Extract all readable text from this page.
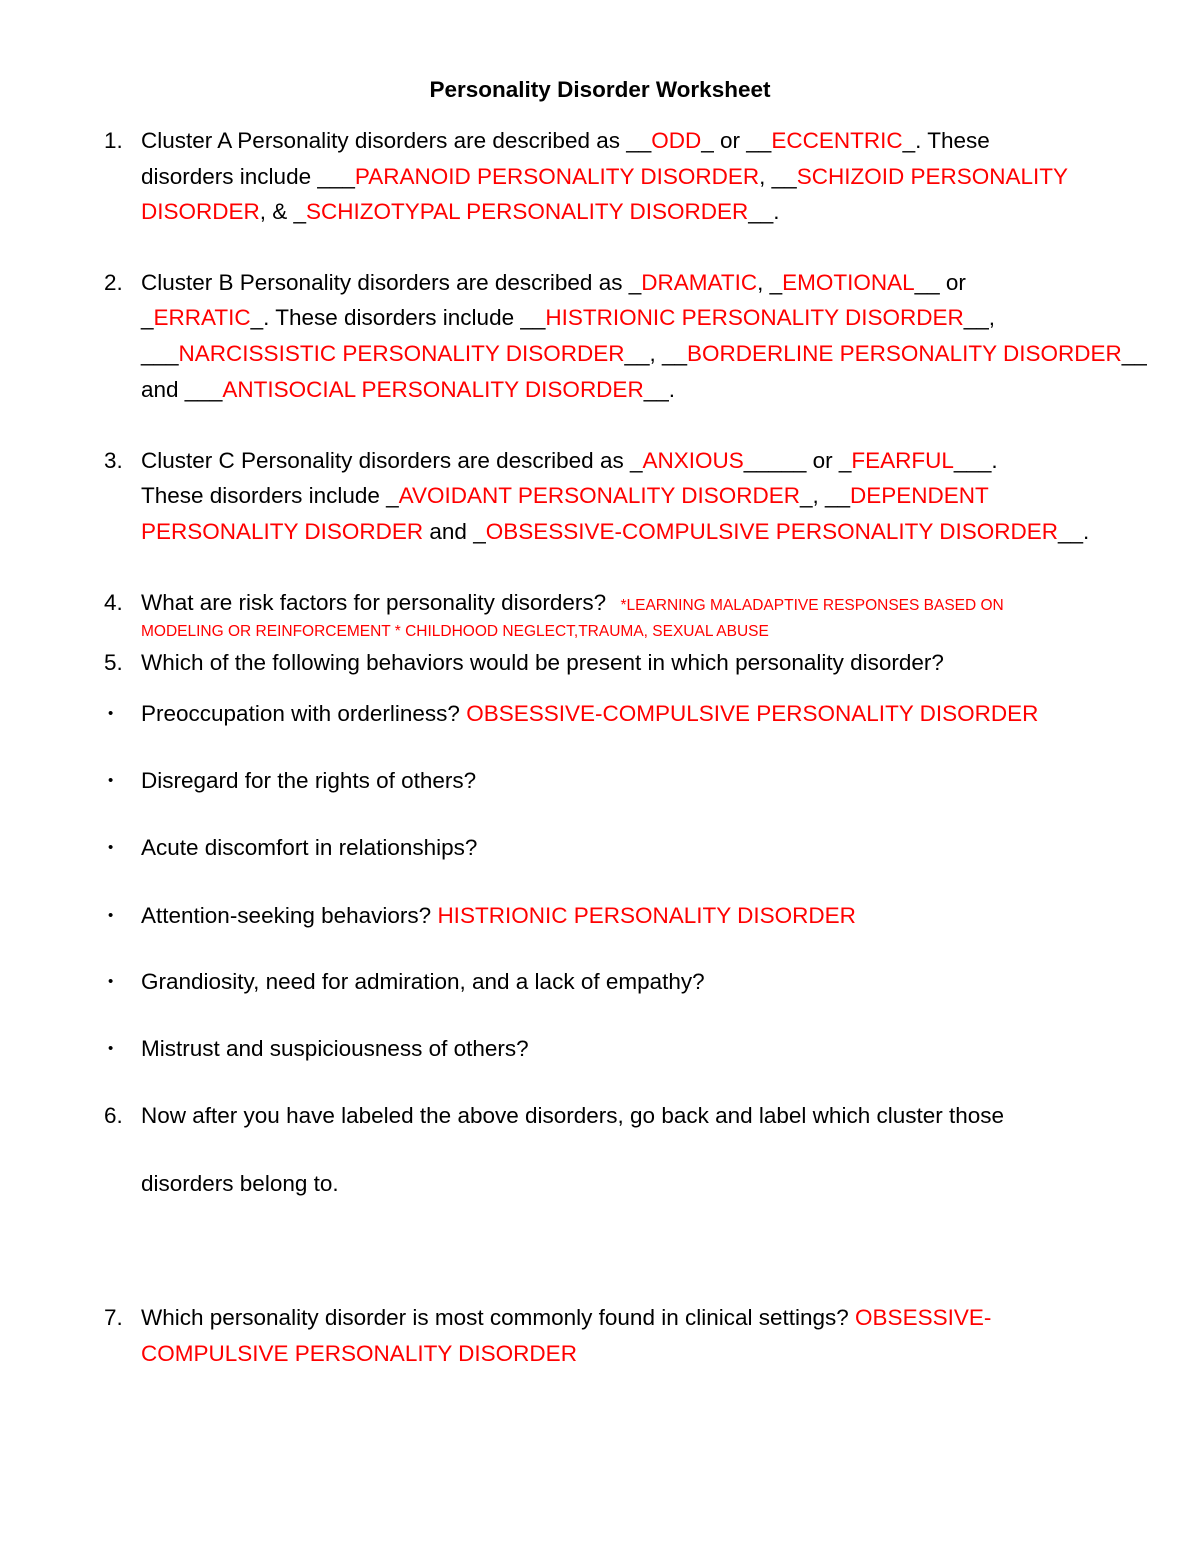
Personality Disorder Worksheet
1. Cluster A Personality disorders are described as __ODD_ or __ECCENTRIC_. These
disorders include ___PARANOID PERSONALITY DISORDER, __SCHIZOID PERSONALITY
DISORDER, & _SCHIZOTYPAL PERSONALITY DISORDER__.
2. Cluster B Personality disorders are described as _DRAMATIC, _EMOTIONAL__ or
_ERRATIC_. These disorders include __HISTRIONIC PERSONALITY DISORDER__,
___NARCISSISTIC PERSONALITY DISORDER__, __BORDERLINE PERSONALITY DISORDER__
and ___ANTISOCIAL PERSONALITY DISORDER__.
3. Cluster C Personality disorders are described as _ANXIOUS_____ or _FEARFUL___.
These disorders include _AVOIDANT PERSONALITY DISORDER_, __DEPENDENT
PERSONALITY DISORDER and _OBSESSIVE-COMPULSIVE PERSONALITY DISORDER__.
4. What are risk factors for personality disorders? *LEARNING MALADAPTIVE RESPONSES BASED ON
MODELING OR REINFORCEMENT * CHILDHOOD NEGLECT,TRAUMA, SEXUAL ABUSE
5. Which of the following behaviors would be present in which personality disorder?
•	Preoccupation with orderliness? OBSESSIVE-COMPULSIVE PERSONALITY DISORDER
•	Disregard for the rights of others?
•	Acute discomfort in relationships?
•	Attention-seeking behaviors? HISTRIONIC PERSONALITY DISORDER
•	Grandiosity, need for admiration, and a lack of empathy?
•	Mistrust and suspiciousness of others?
6. Now after you have labeled the above disorders, go back and label which cluster those
disorders belong to.
7. Which personality disorder is most commonly found in clinical settings? OBSESSIVE-
COMPULSIVE PERSONALITY DISORDER
